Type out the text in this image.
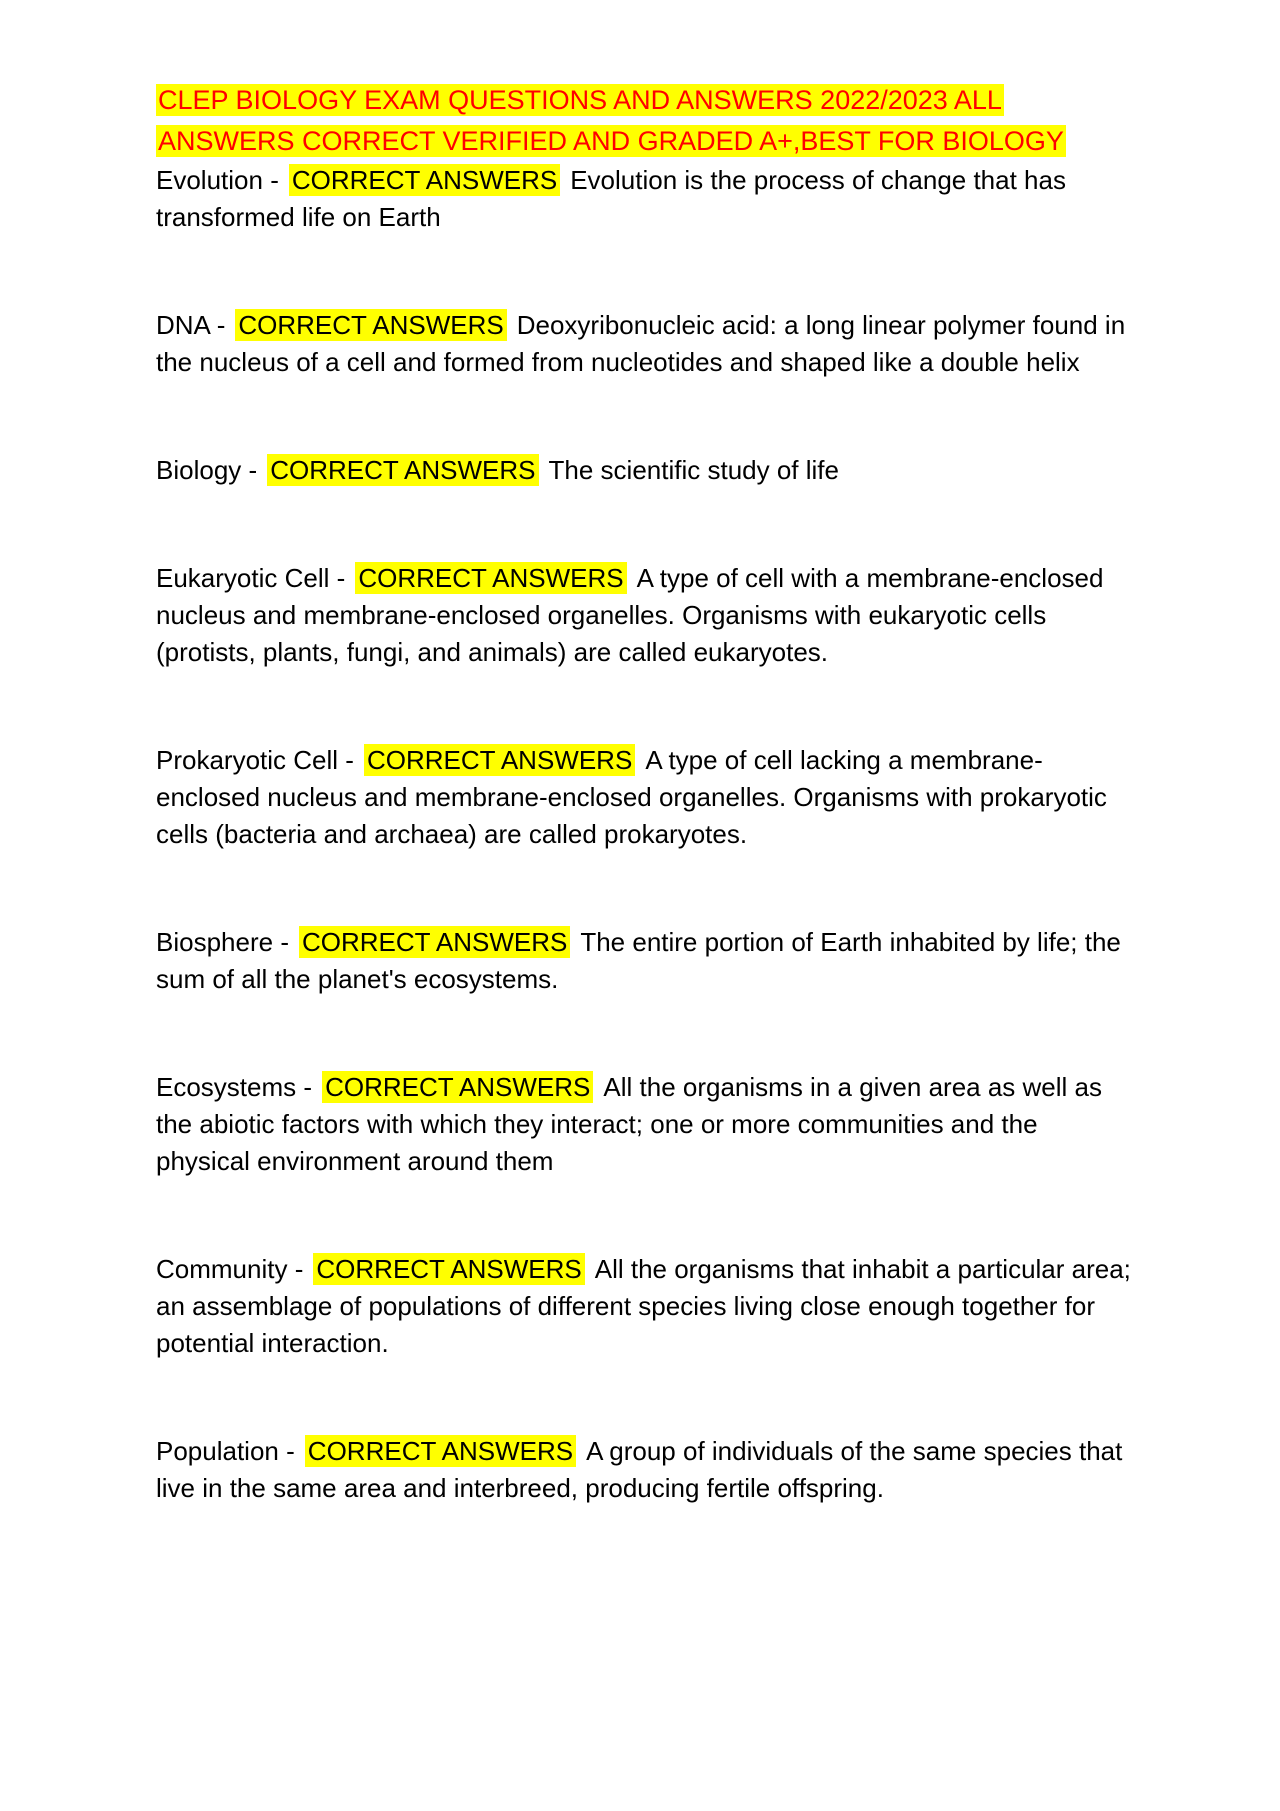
CLEP BIOLOGY EXAM QUESTIONS AND ANSWERS 2022/2023 ALL ANSWERS CORRECT VERIFIED AND GRADED A+,BEST FOR BIOLOGY

Evolution - CORRECT ANSWERS Evolution is the process of change that has transformed life on Earth

DNA - CORRECT ANSWERS Deoxyribonucleic acid: a long linear polymer found in the nucleus of a cell and formed from nucleotides and shaped like a double helix

Biology - CORRECT ANSWERS The scientific study of life

Eukaryotic Cell - CORRECT ANSWERS A type of cell with a membrane-enclosed nucleus and membrane-enclosed organelles. Organisms with eukaryotic cells (protists, plants, fungi, and animals) are called eukaryotes.

Prokaryotic Cell - CORRECT ANSWERS A type of cell lacking a membrane-enclosed nucleus and membrane-enclosed organelles. Organisms with prokaryotic cells (bacteria and archaea) are called prokaryotes.

Biosphere - CORRECT ANSWERS The entire portion of Earth inhabited by life; the sum of all the planet's ecosystems.

Ecosystems - CORRECT ANSWERS All the organisms in a given area as well as the abiotic factors with which they interact; one or more communities and the physical environment around them

Community - CORRECT ANSWERS All the organisms that inhabit a particular area; an assemblage of populations of different species living close enough together for potential interaction.

Population - CORRECT ANSWERS A group of individuals of the same species that live in the same area and interbreed, producing fertile offspring.
